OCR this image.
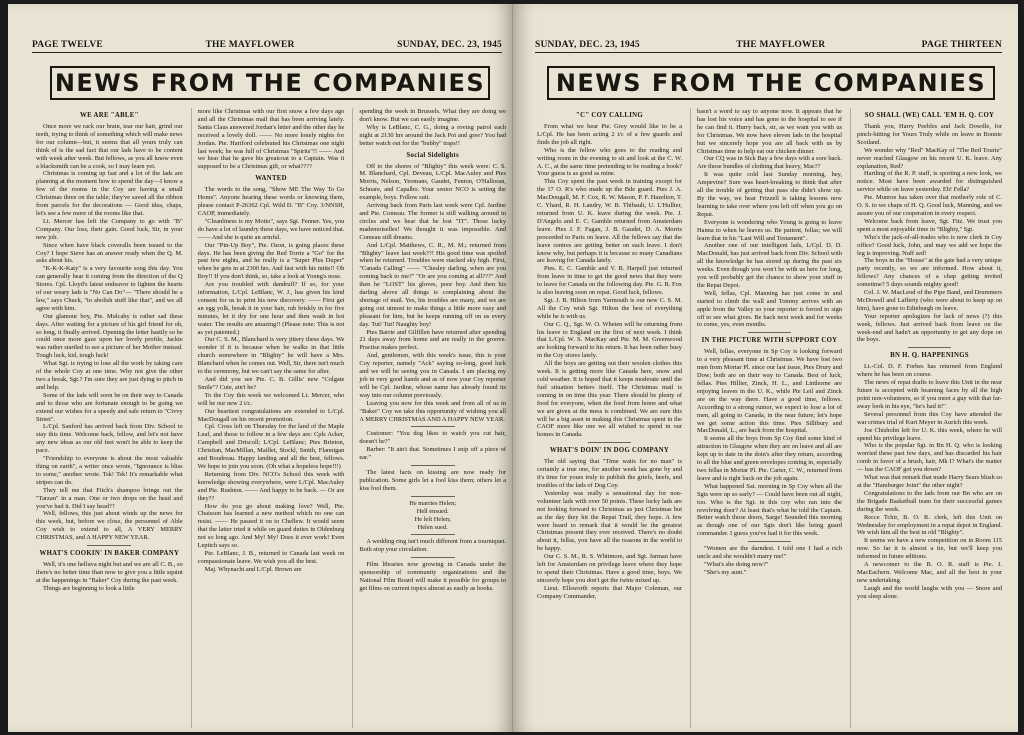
PAGE TWELVE	THE MAYFLOWER	SUNDAY, DEC. 23, 1945
NEWS FROM THE COMPANIES
WE ARE "ABLE"

Once more we rack our brain, tear our hair, grind our teeth, trying to think of something which will make news for our column—but, it seems that all yours truly can think of is the sad fact that our lads have to be content with week after week. But fellows, as you all know even a blacksmith can be a cook, so I may learn yet.

Christmas is coming up fast and a lot of the lads are planning at the moment how to spend the day—I know a few of the rooms in the Coy are having a small Christmas three on the table; they've saved all the ribbon from parcels for the decorations — Good idea, chaps, let's see a few more of the rooms like that.

Lt. Mercer has left the Company to go with "B" Company. Our loss, their gain. Good luck, Sir, in your new job.

Since when have black coveralls been issued to the Coy? I hope Steve has an answer ready when the Q. M. asks about his.

"K-K-K-Katy" is a very favourite song this day. You can generally hear it coming from the direction of the Q Stores. Cpl. Lloyd's latest endeavor to lighten the hearts of our weary lads is "No Can Do"— "There should be a law," says Chuck, "to abolish stuff like that", and we all agree with him.

Our glamour boy, Pte. Mulcahy is rather sad these days. After waiting for a picture of his girl friend for oh, so long, it finally arrived. Opening the letter hastily so he could once more gaze upon her lovely profile, Jackie was rather startled to see a picture of her Mother instead. Tough luck, kid, tough luck!

What Sgt. is trying to lose all the work by taking care of the whole Coy at one time. Why not give the other two a break, Sgt.? I'm sure they are just dying to pitch in and help.

Some of the lads will soon be on their way to Canada and to those who are fortunate enough to be going we extend our wishes for a speedy and safe return to "Civvy Street".

L/Cpl. Sanford has arrived back from Div. School to stay this time. Welcome back, fellow, and let's not have any new ideas as our old feet won't be able to keep the pace.

"Friendship to everyone is about the most valuable thing on earth", a writer once wrote, "Ignorance is bliss to some," another wrote. Tsk! Tsk! It's remarkable what stripes can do.

They tell me that Fitch's shampoo brings out the "Tarzan" in a man. One or two drops on the head and you've had it. Did I say head??

Well, fellows, this just about winds up the news for this week, but, before we close, the personnel of Able Coy wish to extend to all, A VERY MERRY CHRISTMAS, and A HAPPY NEW YEAR.

WHAT'S COOKIN' IN BAKER COMPANY

Well, it's one helluva night but and we are all C. B., so there's no better time than now to give you a little squint at the happenings in "Baker" Coy during the past week.

Things are beginning to look a little

more like Christmas with our first snow a few days ago and all the Christmas mail that has been arriving lately. Santa Claus answered Jordan's letter and the other day he received a lovely doll. —— No more lonely nights for Jordan. Pte. Hartford celebrated his Christmas one night last week; he was full of Christmas "Spirits"!! —— And we hear that he gave his greatcoat to a Captain. Was it supposed to be a Christmas gift, or what????

WANTED

The words to the song, "Show ME The Way To Go Home". Anyone hearing these words or knowing them, please contact P-26362 Cpl. Wild D. "B" Coy. 3/NNSH, CAOP, immediately.

"Cleanliness is my Motto", says Sgt. Fenner. Yes, you do have a lot of laundry these days, we have noticed that. —— And she is quite an armful.

Our "Pin-Up Boy", Pte. Ozon, is going places these days. He has been giving the Red Torrie a "Go" for the past few nights, and he really is a "Super Plus Duper" when he gets in at 2300 hrs. And fast with his mitts!! Oh Boy!! If you don't think, so, take a look at Young's nose.

Are you troubled with dandruff? If so, for your information, L/Cpl. LeBlanc, W. J., has given his kind consent for us to print his new discovery. —— First get an egg yolk, break it in your hair, rub briskly in for five minutes, let it dry for one hour and then wash in hot water. The results are amazing!! (Please note: This is not as yet patented.)

Our C. S. M., Blanchard is very jittery these days. We wonder if it is because when he walks in that little church somewhere in "Blighty" he will have a Mrs. Blanchard when he comes out. Well, Sir, there isn't much to the ceremony, but we can't say the same for after.

And did you see Pte. C. B. Gillis' new "Colgate Smile"? Cute, ain't he?

To the Coy this week we welcomed Lt. Mercer, who will be our new 2 i/c.

Our heartiest congratulations are extended to L/Cpl. MacDougall on his recent promotion.

Cpl. Cross left on Thursday for the land of the Maple Leaf, and those to follow in a few days are: Cpls Acker, Campbell and Driscoll; L/Cpl. LeBlanc; Ptes Brinton, Christian, MacMillan, Maillet, Stockl, Smith, Flannigan and Boudreau. Happy landing and all the best, fellows. We hope to join you soon. (Oh what a hopeless hope!!!)

Returning from Div. NCO's School this week with knowledge showing everywhere, were L/Cpl. MacAuley and Pte. Rushton. —— And happy to be back. — Or are they??

How do you go about making love? Well, Pte. Chaisson has learned a new method which no one can resist. —— He passed it on to Chellew. It would seem that the latter tried it while on guard duties in Oldenburg not so long ago. And My! My! Does it ever work! Even Lepitch says so.

Pte. LeBlanc, J. B., returned to Canada last week on compassionate leave. We wish you all the best.

Maj. Whynacht and L/Cpl. Brown are

spending the week in Brussels. What they are doing we don't know. But we can easily imagine.

Why is LeBlanc, C. G., doing a roving patrol each night at 2130 hrs around the Jack Pot and gree? You had better watch out for the "bubby" traps!!

Social Sidelights

Off to the shores of "Blighty" this week were: C. S. M. Blanchard, Cpl. Deveau, L/Cpl. MacAuley and Ptes Morris, Nelson, Yeomans, Gaudet, Fenton, O'Halloran, Schnare, and Capalbo. Your senior NCO is setting the example, boys. Follow suit.

Arriving back from Paris last week were Cpl. Jardine and Pte. Comeau. The former is still walking around in circles and we hear that he lost "IT". Those lucky mademoiselles! We thought it was impossible. And Comeau still dreams.

And L/Cpl. Matthews, C. R., M. M.; returned from "Blighty" leave last week??! His good time was spoiled when he returned. Troubles were stacked sky high. First, "Canada Calling" —— "Chesley darling, when are you coming back to me?" "Or are you coming at all???" And then he "LOST" his gloves, poor boy. And then his darling above all things is complaining about the shortage of mail. Yes, his troubles are many, and we are going out utmost to make things a little more easy and pleasant for him, but he keeps running off on us every day. Tut! Tut! Naughty boy!

Ptes Barrie and Gilfillen have returned after spending 21 days away from home and are really in the groove. Practise makes perfect.

And, gentlemen, with this week's issue, this is your Coy reporter, namely "Ack" saying so-long, good luck and we will be seeing you in Canada. I am placing my job in very good hands and as of now your Coy reporter will be Cpl. Jardine, whose name has already found its way into our column previously.

Leaving you now for this week and from all of us in "Baker" Coy we take this opportunity of wishing you all A MERRY CHRISTMAS AND A HAPPY NEW YEAR.

Customer: "You dog likes to watch you cut hair, doesn't he?"

Barber: "It ain't that. Sometimes I snip off a piece of ear."

The latest facts on kissing are now ready for publication. Some girls let a fool kiss them; others let a kiss fool them.

He marries Helen;

Hell ensued.

He left Helen;

Helen sued.

A wedding ring isn't much different from a tourniquet. Both stop your circulation.

Film libraries now growing in Canada under the sponsorship of community organizations and the National Film Board will make it possible for groups to get films on current topics almost as easily as books.

SUNDAY, DEC. 23, 1945	THE MAYFLOWER	PAGE THIRTEEN
NEWS FROM THE COMPANIES
"C" COY CALLING

From what we hear Pte. Grey would like to be a L/Cpl. He has been acting 2 i/c of a few guards and finds the job all right.

Who is the fellow who goes to the reading and writing room in the evening to sit and look at the C. W. A. C., at the same time pretending to be reading a book? Your guess is as good as mine.

This Coy spent the past week in training except for the 17 O. R's who made up the Bde guard. Ptes J. A. MacDougall, M. F. Cox, R. W. Mason, P. F. Hazelton, T. C. Yhard, R. H. Landry, W. B. Thibault, U. L'Hullier, returned from U. K. leave during the week. Pte. J. D'Angelo and E. C. Gamble returned from Amsterdam leave. Ptes J. F. Fagan, J. B. Gaudet, D. A. Morris proceeded to Paris on leave. All the fellows say that the leave centres are getting better on each leave. I don't know why, but perhaps it is because so many Canadians are leaving for Canada lately.

Ptes. E. C. Gamble and V. B. Harpell just returned from leave in time to get the good news that they were to leave for Canada on the following day. Pte. G. R. Fox is also leaving soon on repat. Good luck, fellows.

Sgt. J. B. Hilton from Yarmouth is our new C. S. M. All the Coy wish Sgt. Hilton the best of everything while he is with us.

Our C. Q., Sgt. W. O. Wheten will be returning from his leave to England on the first of next week. I think that L/Cpl. W. S. MacKay and Pte. M. M. Greenwood are looking forward to his return. It has been rather busy in the Coy stores lately.

All the boys are getting out their woolen clothes this week. It is getting more like Canada here, snow and cold weather. It is hoped that it keeps moderate until the fuel situation betters itself. The Christmas mail is coming in on time this year. There should be plenty of food for everyone, when the food from home and what we are given at the mess is combined. We are sure this will be a big asset in making this Christmas spent in the CAOF more like one we all wished to spend in our homes in Canada.

WHAT'S DOIN' IN DOG COMPANY

The old saying that "Time waits for no man" is certainly a true one, for another week has gone by and it's time for yours truly to publish the griefs, beefs, and troubles of the lads of Dog Coy.

Yesterday was really a sensational day for non-volunteer lads with over 50 points. These lucky lads are not looking forward to Christmas as just Christmas but as the day they hit the Repat Trail, they hope. A few were heard to remark that it would be the greatest Christmas present they ever received. There's no doubt about it, fellas, you have all the reasons in the world to be happy.

Our C. S. M., R. S. Whitmore, and Sgt. Jarman have left for Amsterdam on privilege leave where they hope to spend their Christmas. Have a good time, boys. We sincerely hope you don't get the twins mixed up.

Lieut. Ellsworth reports that Major Coleman, our Company Commander,

hasn't a word to say to anyone now. It appears that he has lost his voice and has gone to the hospital to see if he can find it. Hurry back, sir, as we want you with us for Christmas. We now have eleven lads in the hospital but we sincerely hope you are all back with us by Christmas time to help eat our chicken dinner.

Our CQ was in Sick Bay a few days with a sore back. Are those bundles of clothing that heavy, Mac??

It was quite cold last Sunday morning, hey, Ampevine? Sure was heart-breaking to think that after all the trouble of getting that pass she didn't show up. By the way, we hear Frizzell is taking lessons now learning to take over where you left off when you go on Repat.

Everyone is wondering who Young is going to leave Hanna to when he leaves us. Be patient, fellas; we will learn that in his "Last Will and Testament".

Another one of our intelligent lads, L/Cpl. D. D. MacDonald, has just arrived back from Div. School with all the knowledge he has stored up during the past six weeks. Even though you won't be with us here for long, you will probably get the chance to show your stuff in the Repat Depot.

Well, fellas, Cpl. Manning has just come in and started to climb the wall and Tommy arrives with an apple from the Valley so your reporter is forced to sign off to see what gives. Be back next week and for weeks to come, yes, even months.

IN THE PICTURE WITH SUPPORT COY

Well, fellas, everyone in Sp Coy is looking forward to a very pleasant time at Christmas. We have lost two men from Mortar Pl. since our last issue, Ptes Drury and Dow; both are on their way to Canada. Best of luck, fellas. Ptes Hillier, Zinck, H. L., and Linthorne are enjoying leaves in the U. K., while Pte Leil and Zinck are on the way there. Have a good time, fellows. According to a strong rumor, we expect to lose a lot of men, all going to Canada, in the near future; let's hope we get some action this time. Ptes Sillibury and MacDonald, L., are back from the hospital.

It seems all the boys from Sp Coy find some kind of attraction in Glasgow when they are on leave and all are kept up to date in the doin's after they return, according to all the blue and green envelopes coming in, especially two fellas in Mortar Pl. Pte. Carter, C. W., returned from leave and is right back on the job again.

What happened Sat. morning in Sp Coy when all the Sgts were up so early? — Could have been out all night, too. Who is the Sgt. in this coy who ran into the revolving door? At least that's what he told the Captain. Better watch those doors, Sarge! Sounded this morning as though one of our Sgts don't like being guard commander. I guess you've had it for this week.

"Women are the darndest. I told one I had a rich uncle and she wouldn't marry me!"

"What's she doing now?"

"She's my aunt."

SO SHALL (WE) CALL 'EM H. Q. COY

Thank you, Harry Peebles and Jack Dowdle, for pinch-hitting for Yours Truly while on leave in Bonnie Scotland.

We wonder why "Red" MacKay of "The Red Tourie" never reached Glasgow on his recent U. K. leave. Any explanation, Red?

Hartling of the R. P. staff, is sporting a new look, we notice. Most have been awarded for distinguished service while on leave yesterday. Eh! Fella?

Pte. Munroe has taken over that motherly role of C. O. S. to we chaps of H. Q. Good luck, Manning, and we assure you of our cooperation in every respect.

Welcome back from leave, Sgt. Fitz. We trust you spent a most enjoyable time in "Blighty," Sgt.

Who's the jack-of-all-trades who is now clerk in Coy office? Good luck, John, and may we add we hope the leg is improving. Nuff sed!

The boys in the "House" at the gate had a very unique party recently, so we are informed. How about it, fellows? Any chances of a chap getting invited sometime? 5 days sounds mighty good!

Col. J. W. MacLeod of the Pipe Band, and Drummers McDowell and Lafferty (who were about to keep up on him), have gone to Edinburgh on leave.

Your reporter apologizes for lack of news (?) this week, fellows. Just arrived back from leave on the week-end and hadn't an opportunity to get any dope on the boys.

BN H. Q. HAPPENINGS

Lt.-Col. D. F. Forbes has returned from England where he has been on course.

The news of repat drafts to leave this Unit in the near future is accepted with beaming faces by all the high point non-volunteers, so if you meet a guy with that far-away look in his eye, "he's had it!"

Several personnel from this Coy have attended the war crimes trial of Kurt Meyer in Aurich this week.

Joe Chisholm left for U. K. this week, where he will spend his privilege leave.

Who is the popular Sgt. in Bn H. Q. who is looking worried these past few days, and has discarded his hair comb in favor of a brush, hair, Mk I? What's the matter — has the CAOF got you down?

What was that remark that made Harry Sears blush so at the "Hamburger Joint" the other night?

Congratulations to the lads from our Bn who are on the Brigade Basketball team for their successful games during the week.

Recce Tchir, B. O. R. clerk, left this Unit on Wednesday for employment in a repat depot in England. We wish him all the best in old "Blighty".

It seems we have a new competition on in Room 115 now. So far it is almost a tie, but we'll keep you informed in future editions.

A newcomer to the B. O. R. staff is Pte. J. MacEachern. Welcome Mac, and all the best in your new undertaking.

Laugh and the world laughs with you — Snore and you sleep alone.
